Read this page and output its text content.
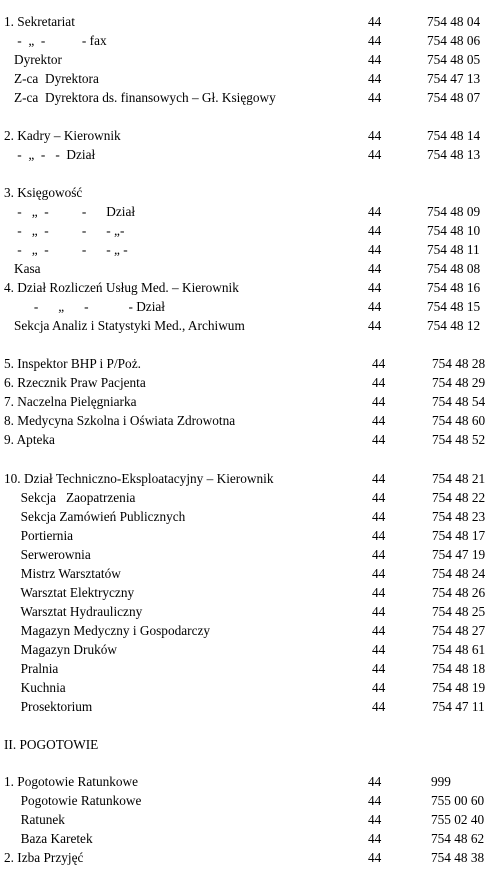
1. Sekretariat	44	754 48 04
-  „  -           - fax	44	754 48 06
Dyrektor	44	754 48 05
Z-ca  Dyrektora	44	754 47 13
Z-ca  Dyrektora ds. finansowych – Gł. Księgowy	44	754 48 07
2. Kadry – Kierownik	44	754 48 14
-  „  -   -  Dział	44	754 48 13
3. Księgowość
-   „  -          -      Dział	44	754 48 09
-   „  -          -      - „-	44	754 48 10
-   „  -          -      - „ -	44	754 48 11
Kasa	44	754 48 08
4. Dział Rozliczeń Usług Med. – Kierownik	44	754 48 16
-      „      -            - Dział	44	754 48 15
Sekcja Analiz i Statystyki Med., Archiwum	44	754 48 12
5. Inspektor BHP i P/Poż.	44	754 48 28
6. Rzecznik Praw Pacjenta	44	754 48 29
7. Naczelna Pielęgniarka	44	754 48 54
8. Medycyna Szkolna i Oświata Zdrowotna	44	754 48 60
9. Apteka	44	754 48 52
10. Dział Techniczno-Eksploatacyjny – Kierownik	44	754 48 21
Sekcja   Zaopatrzenia	44	754 48 22
Sekcja Zamówień Publicznych	44	754 48 23
Portiernia	44	754 48 17
Serwerownia	44	754 47 19
Mistrz Warsztatów	44	754 48 24
Warsztat Elektryczny	44	754 48 26
Warsztat Hydrauliczny	44	754 48 25
Magazyn Medyczny i Gospodarczy	44	754 48 27
Magazyn Druków	44	754 48 61
Pralnia	44	754 48 18
Kuchnia	44	754 48 19
Prosektorium	44	754 47 11
II. POGOTOWIE
1. Pogotowie Ratunkowe	44	999
Pogotowie Ratunkowe	44	755 00 60
Ratunek	44	755 02 40
Baza Karetek	44	754 48 62
2. Izba Przyjęć	44	754 48 38
